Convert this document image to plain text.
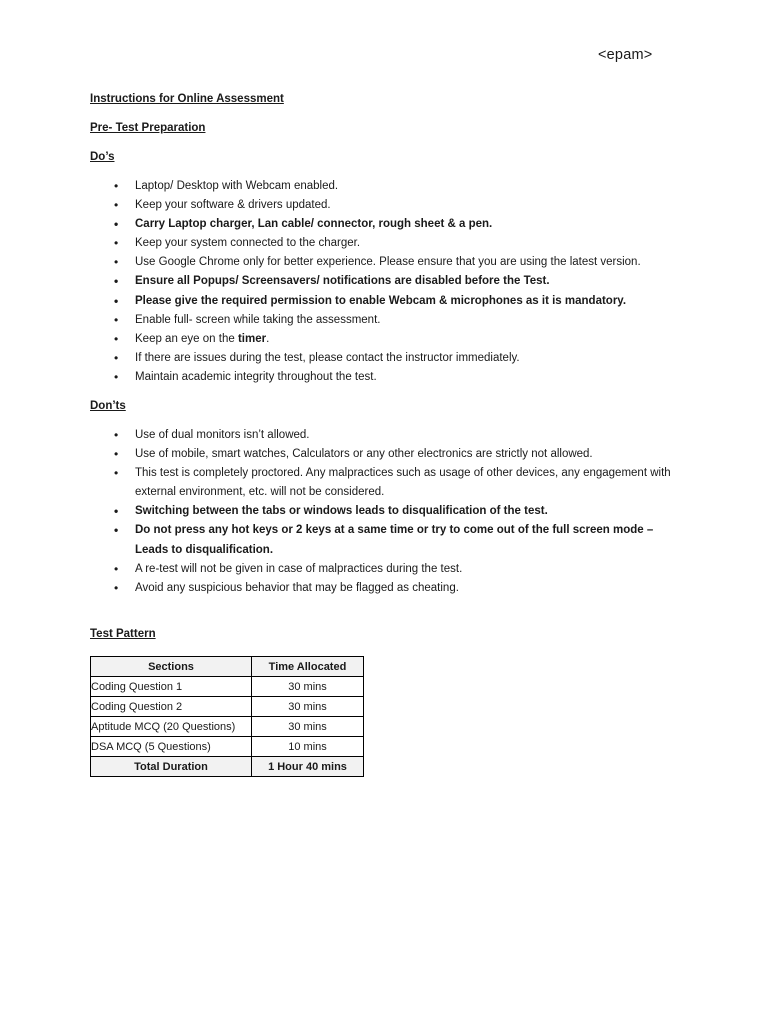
<epam>
Instructions for Online Assessment
Pre- Test Preparation
Do’s
• Laptop/ Desktop with Webcam enabled.
• Keep your software & drivers updated.
• Carry Laptop charger, Lan cable/ connector, rough sheet & a pen.
• Keep your system connected to the charger.
• Use Google Chrome only for better experience. Please ensure that you are using the latest version.
• Ensure all Popups/ Screensavers/ notifications are disabled before the Test.
• Please give the required permission to enable Webcam & microphones as it is mandatory.
• Enable full- screen while taking the assessment.
• Keep an eye on the timer.
• If there are issues during the test, please contact the instructor immediately.
• Maintain academic integrity throughout the test.
Don’ts
• Use of dual monitors isn’t allowed.
• Use of mobile, smart watches, Calculators or any other electronics are strictly not allowed.
• This test is completely proctored. Any malpractices such as usage of other devices, any engagement with external environment, etc. will not be considered.
• Switching between the tabs or windows leads to disqualification of the test.
• Do not press any hot keys or 2 keys at a same time or try to come out of the full screen mode – Leads to disqualification.
• A re-test will not be given in case of malpractices during the test.
• Avoid any suspicious behavior that may be flagged as cheating.
Test Pattern
Sections	Time Allocated
Coding Question 1	30 mins
Coding Question 2	30 mins
Aptitude MCQ (20 Questions)	30 mins
DSA MCQ (5 Questions)	10 mins
Total Duration	1 Hour 40 mins
